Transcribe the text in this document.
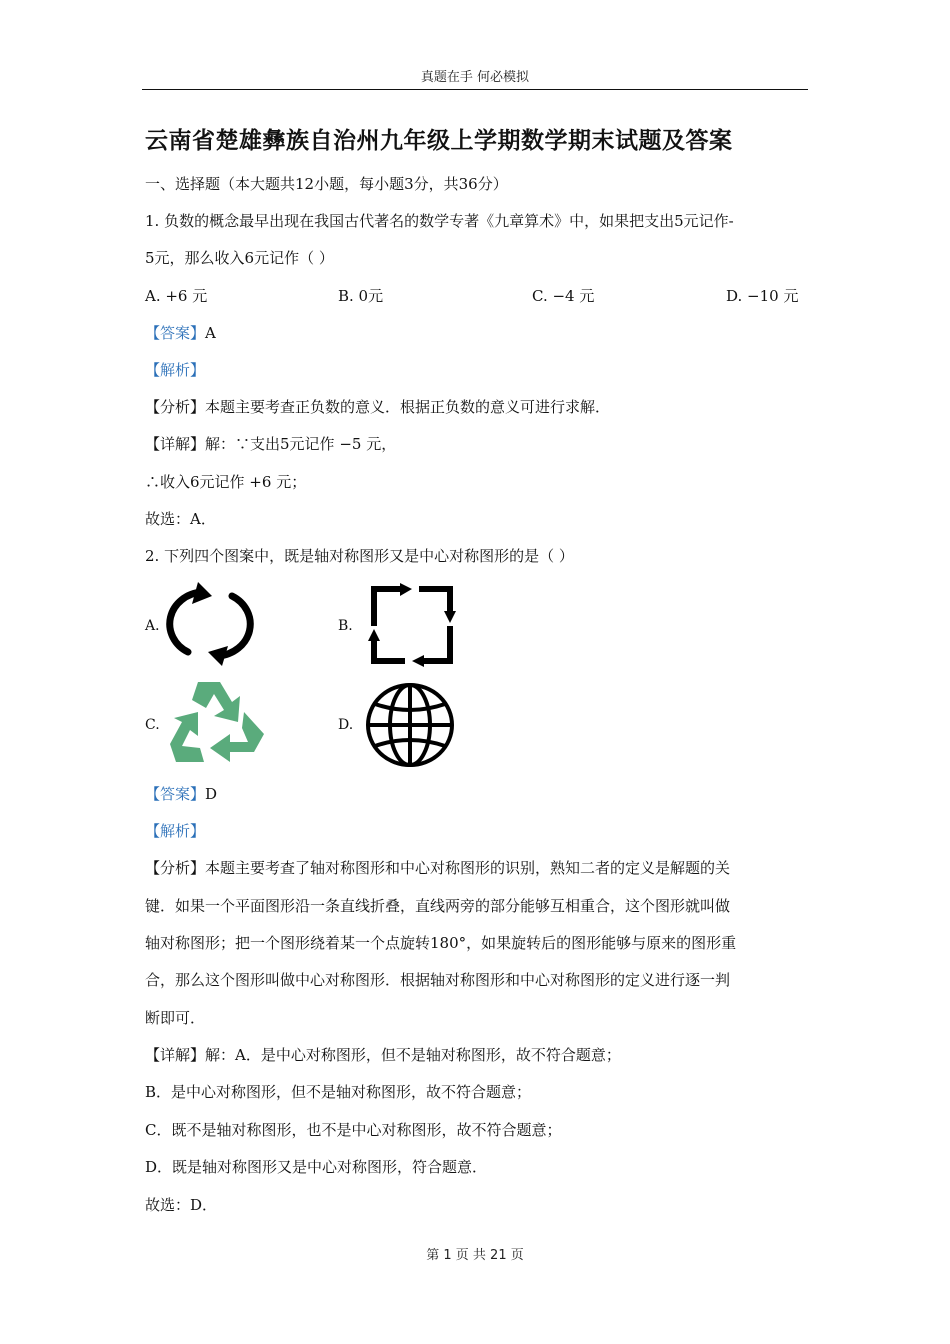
真题在手 何必模拟
云南省楚雄彝族自治州九年级上学期数学期末试题及答案
一、选择题（本大题共12小题，每小题3分，共36分）
1. 负数的概念最早出现在我国古代著名的数学专著《九章算术》中，如果把支出5元记作-
5元，那么收入6元记作（ ）
A. +6 元	B. 0元	C. −4 元	D. −10 元
【答案】A
【解析】
【分析】本题主要考查正负数的意义．根据正负数的意义可进行求解．
【详解】解：∵支出5元记作 −5 元，
∴收入6元记作 +6 元；
故选：A．
2. 下列四个图案中，既是轴对称图形又是中心对称图形的是（ ）
A．	B.
C.	D.
【答案】D
【解析】
【分析】本题主要考查了轴对称图形和中心对称图形的识别，熟知二者的定义是解题的关
键．如果一个平面图形沿一条直线折叠，直线两旁的部分能够互相重合，这个图形就叫做
轴对称图形；把一个图形绕着某一个点旋转180°，如果旋转后的图形能够与原来的图形重
合，那么这个图形叫做中心对称图形．根据轴对称图形和中心对称图形的定义进行逐一判
断即可．
【详解】解：A．是中心对称图形，但不是轴对称图形，故不符合题意；
B．是中心对称图形，但不是轴对称图形，故不符合题意；
C．既不是轴对称图形，也不是中心对称图形，故不符合题意；
D．既是轴对称图形又是中心对称图形，符合题意．
故选：D．
第 1 页 共 21 页
